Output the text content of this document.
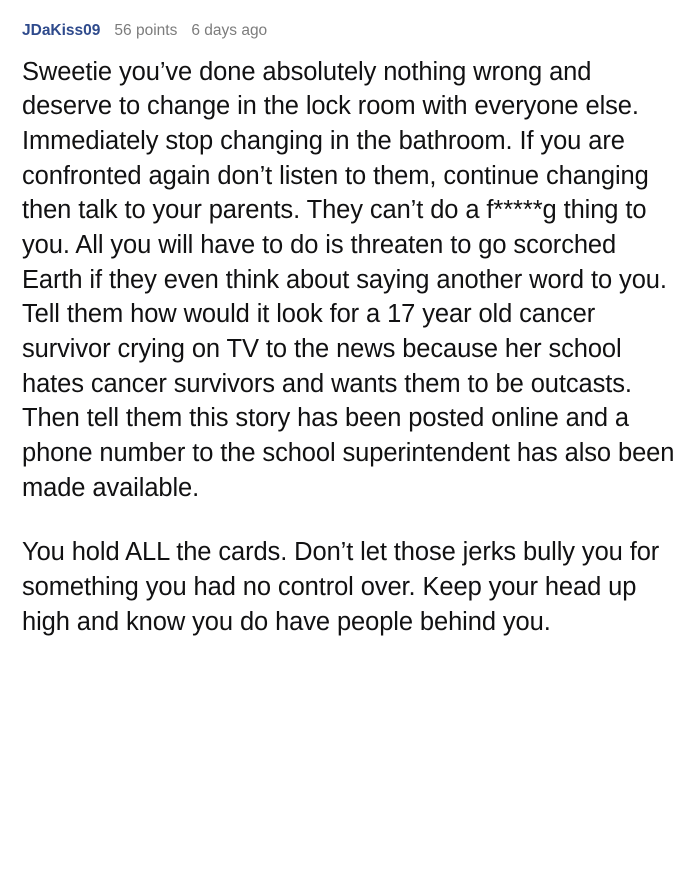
JDaKiss09 56 points 6 days ago

Sweetie you’ve done absolutely nothing wrong and deserve to change in the lock room with everyone else. Immediately stop changing in the bathroom. If you are confronted again don’t listen to them, continue changing then talk to your parents. They can’t do a f*****g thing to you. All you will have to do is threaten to go scorched Earth if they even think about saying another word to you. Tell them how would it look for a 17 year old cancer survivor crying on TV to the news because her school hates cancer survivors and wants them to be outcasts. Then tell them this story has been posted online and a phone number to the school superintendent has also been made available.

You hold ALL the cards. Don’t let those jerks bully you for something you had no control over. Keep your head up high and know you do have people behind you.
